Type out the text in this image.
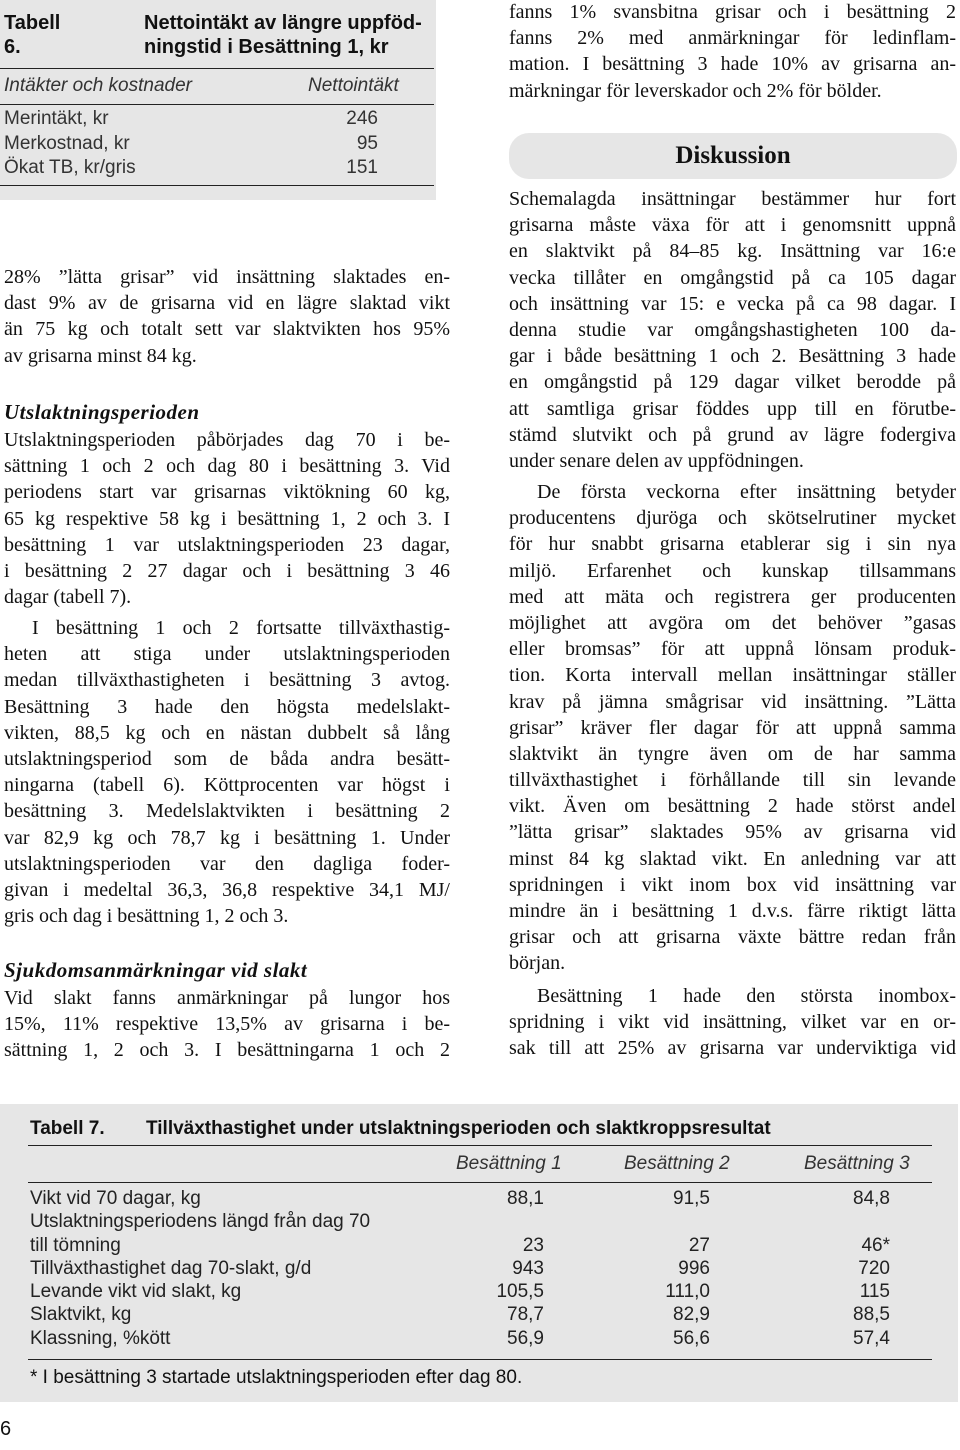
Tabell 6.
Nettointäkt av längre uppföd-
ningstid i Besättning 1, kr
Intäkter och kostnader	Nettointäkt
Merintäkt, kr	246
Merkostnad, kr	95
Ökat TB, kr/gris	151
28% ”lätta grisar” vid insättning slaktades en-
dast 9% av de grisarna vid en lägre slaktad vikt
än 75 kg och totalt sett var slaktvikten hos 95%
av grisarna minst 84 kg.
Utslaktningsperioden
Utslaktningsperioden påbörjades dag 70 i be-
sättning 1 och 2 och dag 80 i besättning 3. Vid
periodens start var grisarnas viktökning 60 kg,
65 kg respektive 58 kg i besättning 1, 2 och 3. I
besättning 1 var utslaktningsperioden 23 dagar,
i besättning 2 27 dagar och i besättning 3 46
dagar (tabell 7).
I besättning 1 och 2 fortsatte tillväxthastig-
heten att stiga under utslaktningsperioden
medan tillväxthastigheten i besättning 3 avtog.
Besättning 3 hade den högsta medelslakt-
vikten, 88,5 kg och en nästan dubbelt så lång
utslaktningsperiod som de båda andra besätt-
ningarna (tabell 6). Köttprocenten var högst i
besättning 3. Medelslaktvikten i besättning 2
var 82,9 kg och 78,7 kg i besättning 1. Under
utslaktningsperioden var den dagliga foder-
givan i medeltal 36,3, 36,8 respektive 34,1 MJ/
gris och dag i besättning 1, 2 och 3.
Sjukdomsanmärkningar vid slakt
Vid slakt fanns anmärkningar på lungor hos
15%, 11% respektive 13,5% av grisarna i be-
sättning 1, 2 och 3. I besättningarna 1 och 2
fanns 1% svansbitna grisar och i besättning 2
fanns 2% med anmärkningar för ledinflam-
mation. I besättning 3 hade 10% av grisarna an-
märkningar för leverskador och 2% för bölder.
Diskussion
Schemalagda insättningar bestämmer hur fort
grisarna måste växa för att i genomsnitt uppnå
en slaktvikt på 84–85 kg. Insättning var 16:e
vecka tillåter en omgångstid på ca 105 dagar
och insättning var 15: e vecka på ca 98 dagar. I
denna studie var omgångshastigheten 100 da-
gar i både besättning 1 och 2. Besättning 3 hade
en omgångstid på 129 dagar vilket berodde på
att samtliga grisar föddes upp till en förutbe-
stämd slutvikt och på grund av lägre fodergiva
under senare delen av uppfödningen.
De första veckorna efter insättning betyder
producentens djuröga och skötselrutiner mycket
för hur snabbt grisarna etablerar sig i sin nya
miljö. Erfarenhet och kunskap tillsammans
med att mäta och registrera ger producenten
möjlighet att avgöra om det behöver ”gasas
eller bromsas” för att uppnå lönsam produk-
tion. Korta intervall mellan insättningar ställer
krav på jämna smågrisar vid insättning. ”Lätta
grisar” kräver fler dagar för att uppnå samma
slaktvikt än tyngre även om de har samma
tillväxthastighet i förhållande till sin levande
vikt. Även om besättning 2 hade störst andel
”lätta grisar” slaktades 95% av grisarna vid
minst 84 kg slaktad vikt. En anledning var att
spridningen i vikt inom box vid insättning var
mindre än i besättning 1 d.v.s. färre riktigt lätta
grisar och att grisarna växte bättre redan från
början.
Besättning 1 hade den största inombox-
spridning i vikt vid insättning, vilket var en or-
sak till att 25% av grisarna var underviktiga vid
Tabell 7. Tillväxthastighet under utslaktningsperioden och slaktkroppsresultat
Besättning 1	Besättning 2	Besättning 3
Vikt vid 70 dagar, kg	88,1	91,5	84,8
Utslaktningsperiodens längd från dag 70
till tömning	23	27	46*
Tillväxthastighet dag 70-slakt, g/d	943	996	720
Levande vikt vid slakt, kg	105,5	111,0	115
Slaktvikt, kg	78,7	82,9	88,5
Klassning, %kött	56,9	56,6	57,4
* I besättning 3 startade utslaktningsperioden efter dag 80.
6
